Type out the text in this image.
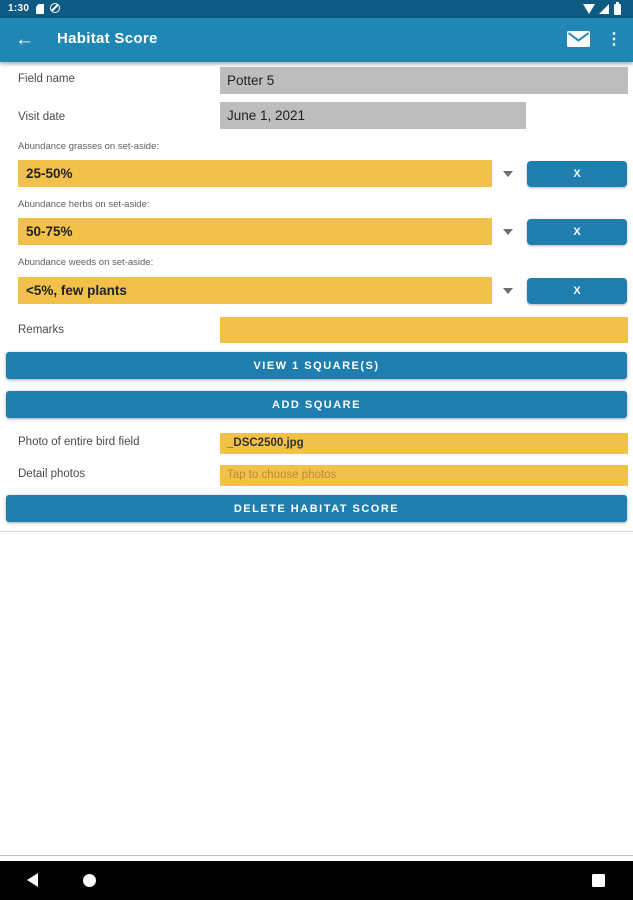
1:30
← Habitat Score	⋮
Field name	Potter 5
Visit date	June 1, 2021
Abundance grasses on set-aside:
25-50%	X
Abundance herbs on set-aside:
50-75%	X
Abundance weeds on set-aside:
<5%, few plants	X
Remarks
VIEW 1 SQUARE(S)
ADD SQUARE
Photo of entire bird field	_DSC2500.jpg
Detail photos	Tap to choose photos
DELETE HABITAT SCORE
